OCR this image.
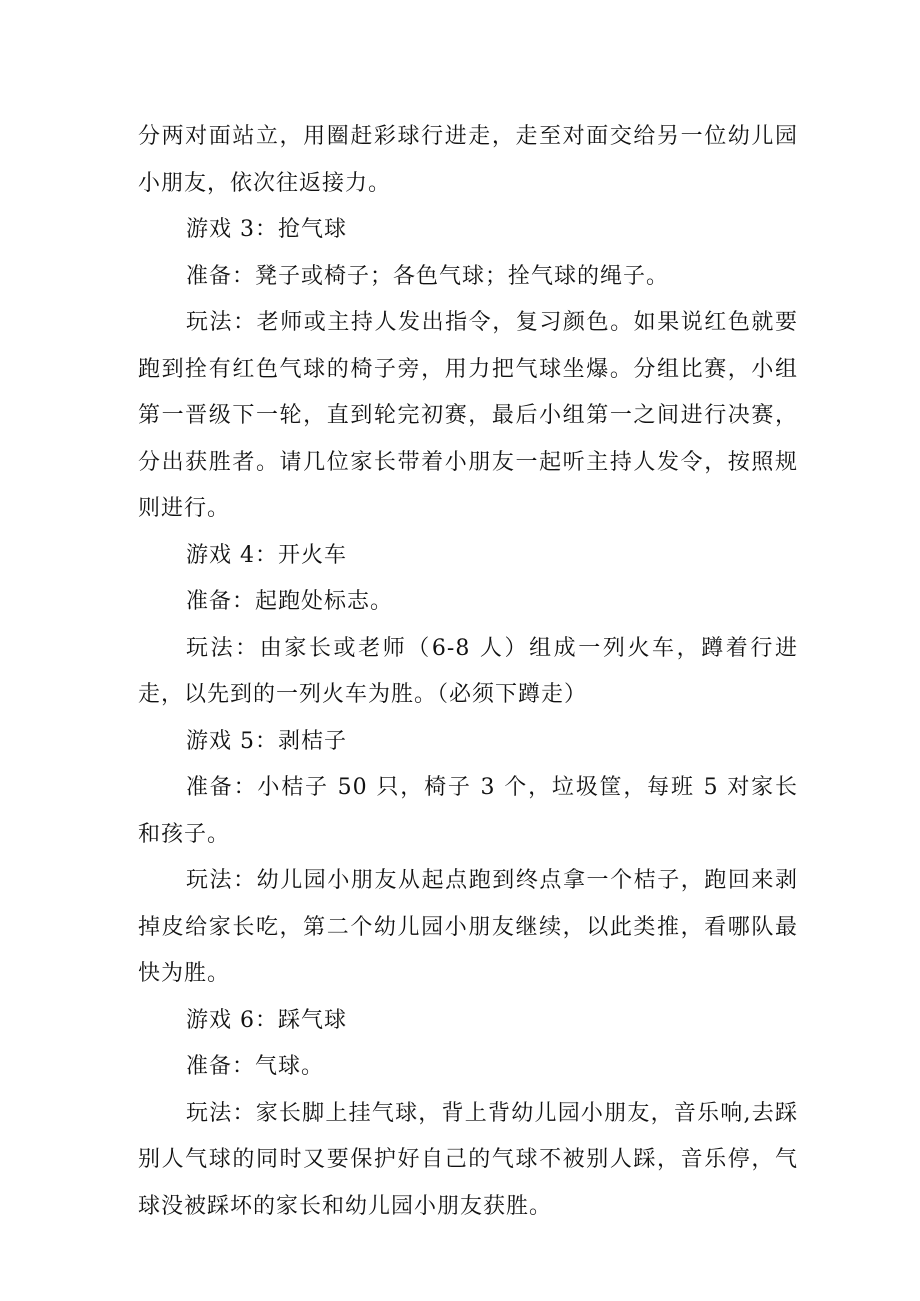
分两对面站立，用圈赶彩球行进走，走至对面交给另一位幼儿园小朋友，依次往返接力。

游戏 3：抢气球

准备：凳子或椅子；各色气球；拴气球的绳子。

玩法：老师或主持人发出指令，复习颜色。如果说红色就要跑到拴有红色气球的椅子旁，用力把气球坐爆。分组比赛，小组第一晋级下一轮，直到轮完初赛，最后小组第一之间进行决赛，分出获胜者。请几位家长带着小朋友一起听主持人发令，按照规则进行。

游戏 4：开火车

准备：起跑处标志。

玩法：由家长或老师（6-8 人）组成一列火车，蹲着行进走，以先到的一列火车为胜。（必须下蹲走）

游戏 5：剥桔子

准备：小桔子 50 只，椅子 3 个，垃圾筐，每班 5 对家长和孩子。

玩法：幼儿园小朋友从起点跑到终点拿一个桔子，跑回来剥掉皮给家长吃，第二个幼儿园小朋友继续，以此类推，看哪队最快为胜。

游戏 6：踩气球

准备：气球。

玩法：家长脚上挂气球，背上背幼儿园小朋友，音乐响,去踩别人气球的同时又要保护好自己的气球不被别人踩，音乐停，气球没被踩坏的家长和幼儿园小朋友获胜。
